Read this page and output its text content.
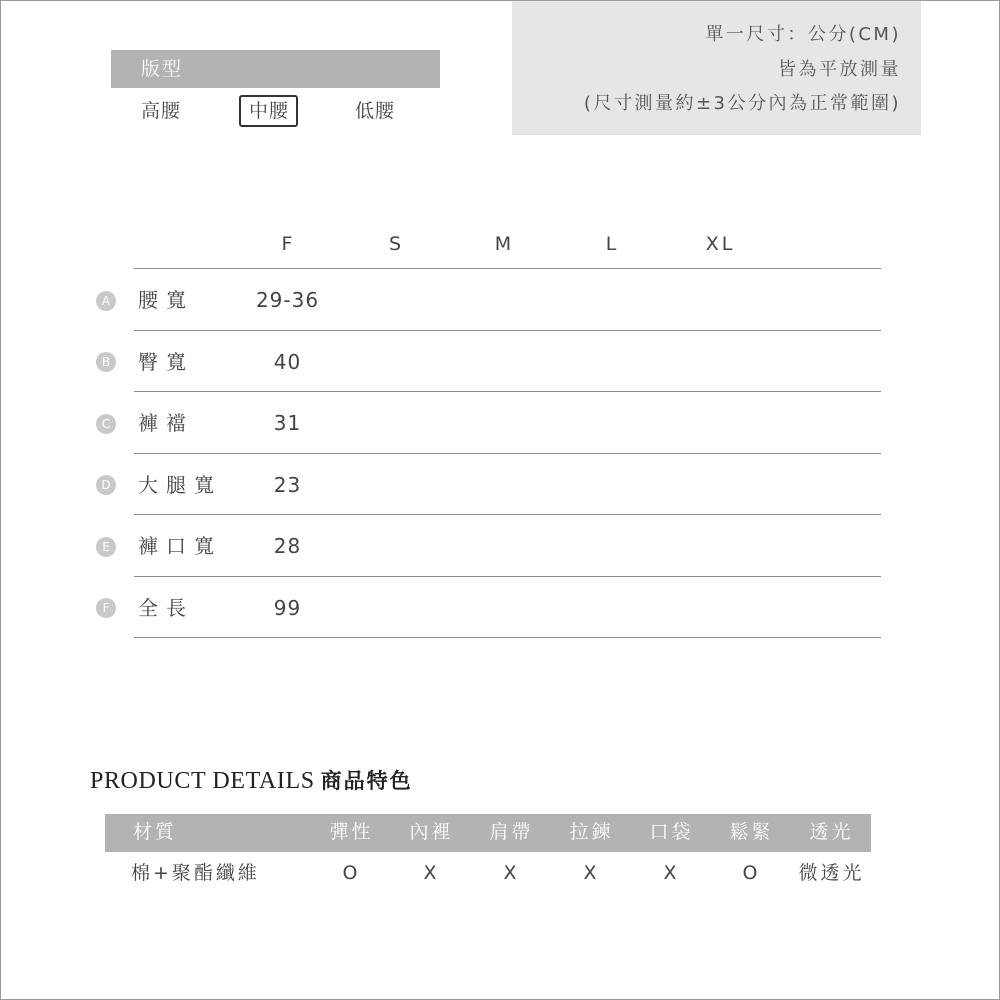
版型
高腰	中腰	低腰
單一尺寸：公分(CM)
皆為平放測量
(尺寸測量約±3公分內為正常範圍)
F	S	M	L	XL
A 腰寬	29-36
B 臀寬	40
C 褲襠	31
D 大腿寬	23
E	褲口寬	28
F	全長	99
PRODUCT DETAILS 商品特色
材質	彈性	內裡	肩帶	拉鍊	口袋	鬆緊	透光
棉+聚酯纖維	O	X	X	X	X	O	微透光
